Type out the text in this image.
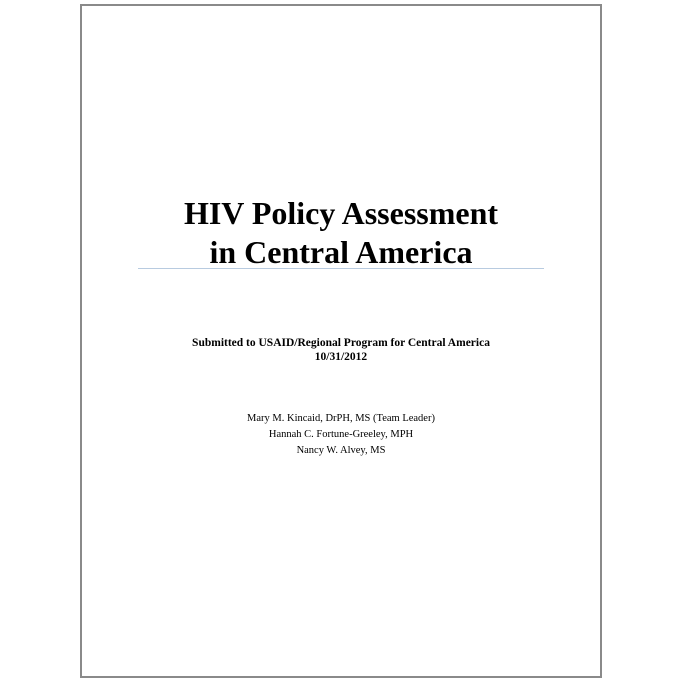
HIV Policy Assessment
in Central America
Submitted to USAID/Regional Program for Central America
10/31/2012
Mary M. Kincaid, DrPH, MS (Team Leader)
Hannah C. Fortune-Greeley, MPH
Nancy W. Alvey, MS
